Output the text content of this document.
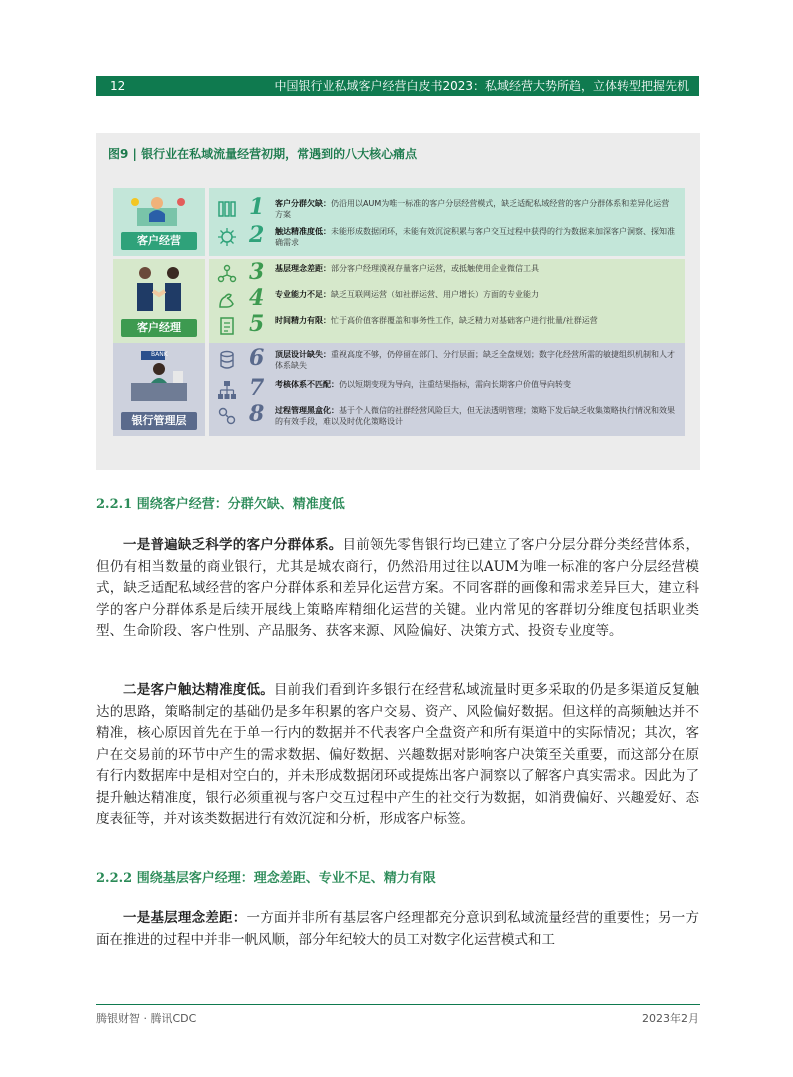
12	中国银行业私域客户经营白皮书2023：私域经营大势所趋，立体转型把握先机
图9 | 银行业在私域流量经营初期，常遇到的八大核心痛点
客户经营
1 客户分群欠缺：仍沿用以AUM为唯一标准的客户分层经营模式，缺乏适配私域经营的客户分群体系和差异化运营方案
2 触达精准度低：未能形成数据闭环，未能有效沉淀积累与客户交互过程中获得的行为数据来加深客户洞察、探知准确需求
客户经理
3 基层理念差距：部分客户经理漠视存量客户运营，或抵触使用企业微信工具
4 专业能力不足：缺乏互联网运营（如社群运营、用户增长）方面的专业能力
5 时间精力有限：忙于高价值客群覆盖和事务性工作，缺乏精力对基础客户进行批量/社群运营
BANK
银行管理层
6 顶层设计缺失：重视高度不够，仍停留在部门、分行层面；缺乏全盘规划；数字化经营所需的敏捷组织机制和人才体系缺失
7 考核体系不匹配：仍以短期变现为导向，注重结果指标，需向长期客户价值导向转变
8 过程管理黑盒化：基于个人微信的社群经营风险巨大，但无法透明管理；策略下发后缺乏收集策略执行情况和效果的有效手段，难以及时优化策略设计
2.2.1 围绕客户经营：分群欠缺、精准度低
一是普遍缺乏科学的客户分群体系。目前领先零售银行均已建立了客户分层分群分类经营体系，但仍有相当数量的商业银行，尤其是城农商行，仍然沿用过往以AUM为唯一标准的客户分层经营模式，缺乏适配私域经营的客户分群体系和差异化运营方案。不同客群的画像和需求差异巨大，建立科学的客户分群体系是后续开展线上策略库精细化运营的关键。业内常见的客群切分维度包括职业类型、生命阶段、客户性别、产品服务、获客来源、风险偏好、决策方式、投资专业度等。
二是客户触达精准度低。目前我们看到许多银行在经营私域流量时更多采取的仍是多渠道反复触达的思路，策略制定的基础仍是多年积累的客户交易、资产、风险偏好数据。但这样的高频触达并不精准，核心原因首先在于单一行内的数据并不代表客户全盘资产和所有渠道中的实际情况；其次，客户在交易前的环节中产生的需求数据、偏好数据、兴趣数据对影响客户决策至关重要，而这部分在原有行内数据库中是相对空白的，并未形成数据闭环或提炼出客户洞察以了解客户真实需求。因此为了提升触达精准度，银行必须重视与客户交互过程中产生的社交行为数据，如消费偏好、兴趣爱好、态度表征等，并对该类数据进行有效沉淀和分析，形成客户标签。
2.2.2 围绕基层客户经理：理念差距、专业不足、精力有限
一是基层理念差距：一方面并非所有基层客户经理都充分意识到私域流量经营的重要性；另一方面在推进的过程中并非一帆风顺，部分年纪较大的员工对数字化运营模式和工
腾银财智 · 腾讯CDC	2023年2月
